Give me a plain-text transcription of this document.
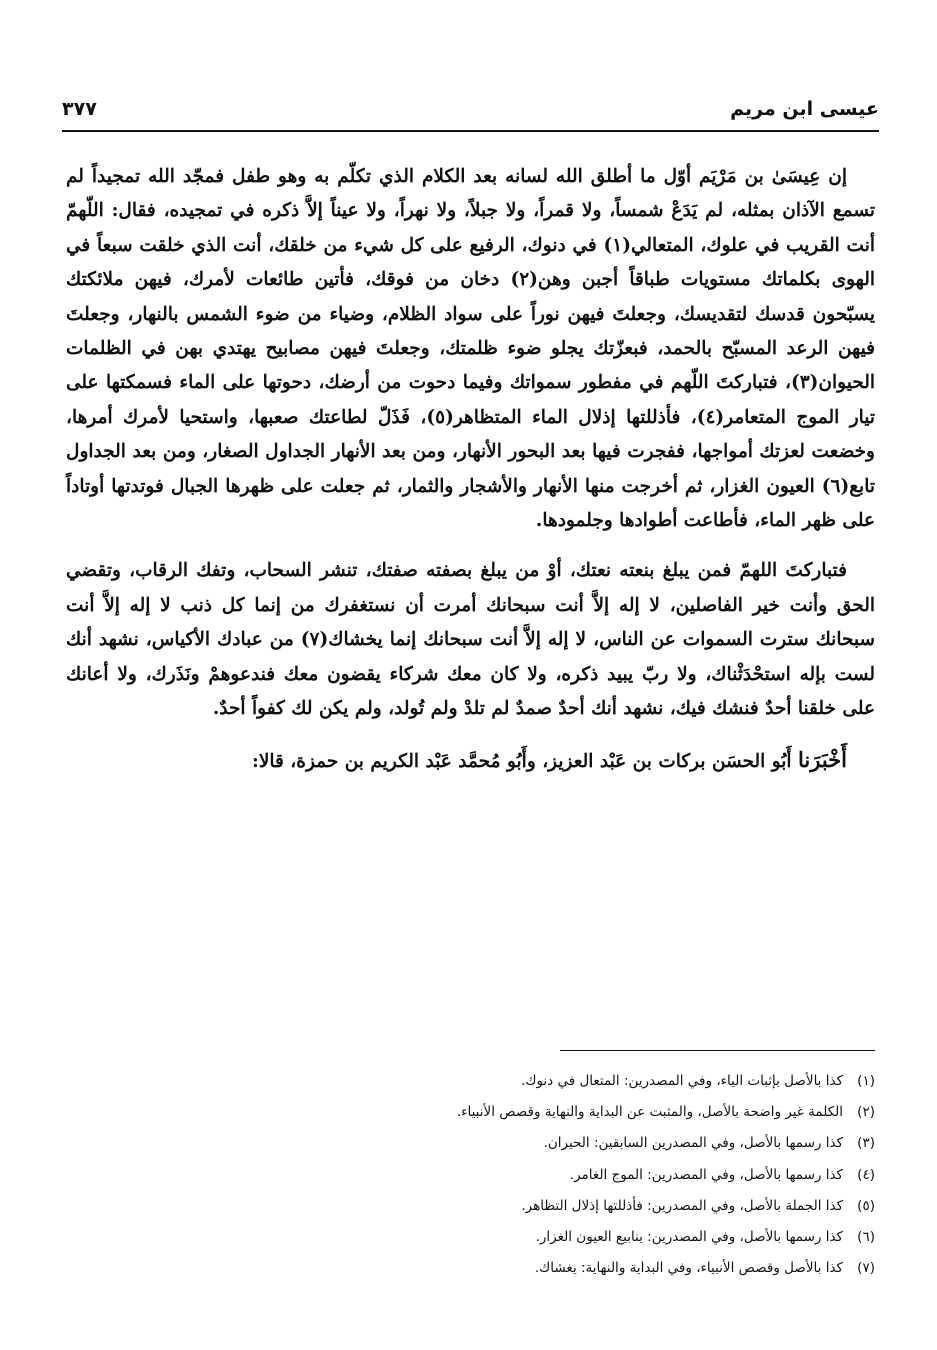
عيسى ابن مريم
٣٧٧

إن عِيسَىٰ بن مَرْيَم أوّل ما أطلق الله لسانه بعد الكلام الذي تكلّم به وهو طفل فمجّد الله تمجيداً لم تسمع الآذان بمثله، لم يَدَعْ شمساً، ولا قمراً، ولا جبلاً، ولا نهراً، ولا عيناً إلاَّ ذكره في تمجيده، فقال: اللّهمّ أنت القريب في علوك، المتعالي(١) في دنوك، الرفيع على كل شيء من خلقك، أنت الذي خلقت سبعاً في الهوى بكلماتك مستويات طباقاً أجبن وهن(٢) دخان من فوقك، فأتين طائعات لأمرك، فيهن ملائكتك يسبّحون قدسك لتقديسك، وجعلتَ فيهن نوراً على سواد الظلام، وضياء من ضوء الشمس بالنهار، وجعلتَ فيهن الرعد المسبّح بالحمد، فبعزّتك يجلو ضوء ظلمتك، وجعلتَ فيهن مصابيح يهتدي بهن في الظلمات الحيوان(٣)، فتباركتَ اللّهم في مفطور سمواتك وفيما دحوت من أرضك، دحوتها على الماء فسمكتها على تيار الموج المتعامر(٤)، فأذللتها إذلال الماء المتظاهر(٥)، فَذَلّ لطاعتك صعبها، واستحيا لأمرك أمرها، وخضعت لعزتك أمواجها، ففجرت فيها بعد البحور الأنهار، ومن بعد الأنهار الجداول الصغار، ومن بعد الجداول تابع(٦) العيون الغزار، ثم أخرجت منها الأنهار والأشجار والثمار، ثم جعلت على ظهرها الجبال فوتدتها أوتاداً على ظهر الماء، فأطاعت أطوادها وجلمودها.

فتباركتَ اللهمّ فمن يبلغ بنعته نعتك، أوْ من يبلغ بصفته صفتك، تنشر السحاب، وتفك الرقاب، وتقضي الحق وأنت خير الفاصلين، لا إله إلاَّ أنت سبحانك أمرت أن نستغفرك من إنما كل ذنب لا إله إلاَّ أنت سبحانك سترت السموات عن الناس، لا إله إلاَّ أنت سبحانك إنما يخشاك(٧) من عبادك الأكياس، نشهد أنك لست بإله استحْدَثْناك، ولا ربّ يبيد ذكره، ولا كان معك شركاء يقضون معك فندعوهمْ ونَذَرك، ولا أعانك على خلقنا أحدٌ فنشك فيك، نشهد أنك أحدٌ صمدٌ لم تلدْ ولم تُولد، ولم يكن لك كفواً أحدٌ.

أَخْبَرَنا أَبُو الحسَن بركات بن عَبْد العزيز، وأَبُو مُحمَّد عَبْد الكريم بن حمزة، قالا:

(١)كذا بالأصل بإثبات الياء، وفي المصدرين: المتعال في دنوك.
(٢)الكلمة غير واضحة بالأصل، والمثبت عن البداية والنهاية وقصص الأنبياء.
(٣)كذا رسمها بالأصل، وفي المصدرين السابقين: الحيران.
(٤)كذا رسمها بالأصل، وفي المصدرين: الموج الغامر.
(٥)كذا الجملة بالأصل، وفي المصدرين: فأذللتها إذلال التظاهر.
(٦)كذا رسمها بالأصل، وفي المصدرين: ينابيع العيون الغزار.
(٧)كذا بالأصل وقصص الأنبياء، وفي البداية والنهاية: يغشاك.
